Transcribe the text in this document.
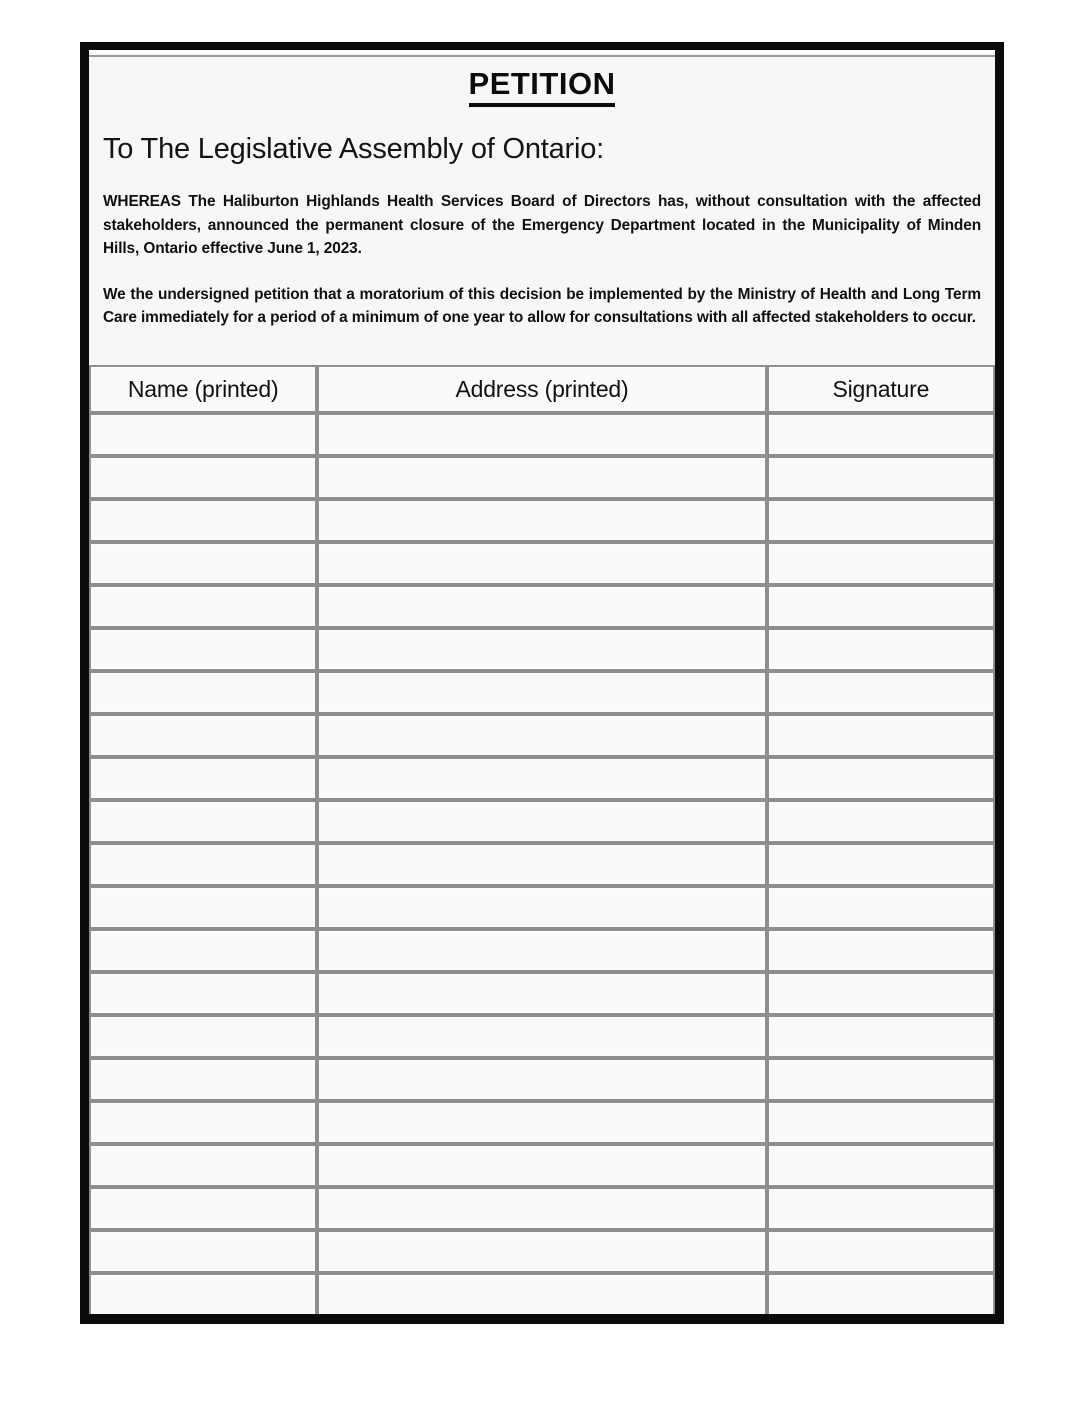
PETITION
To The Legislative Assembly of Ontario:

WHEREAS The Haliburton Highlands Health Services Board of Directors has, without consultation with the affected stakeholders, announced the permanent closure of the Emergency Department located in the Municipality of Minden Hills, Ontario effective June 1, 2023.

We the undersigned petition that a moratorium of this decision be implemented by the Ministry of Health and Long Term Care immediately for a period of a minimum of one year to allow for consultations with all affected stakeholders to occur.

Name (printed)	Address (printed)	Signature
